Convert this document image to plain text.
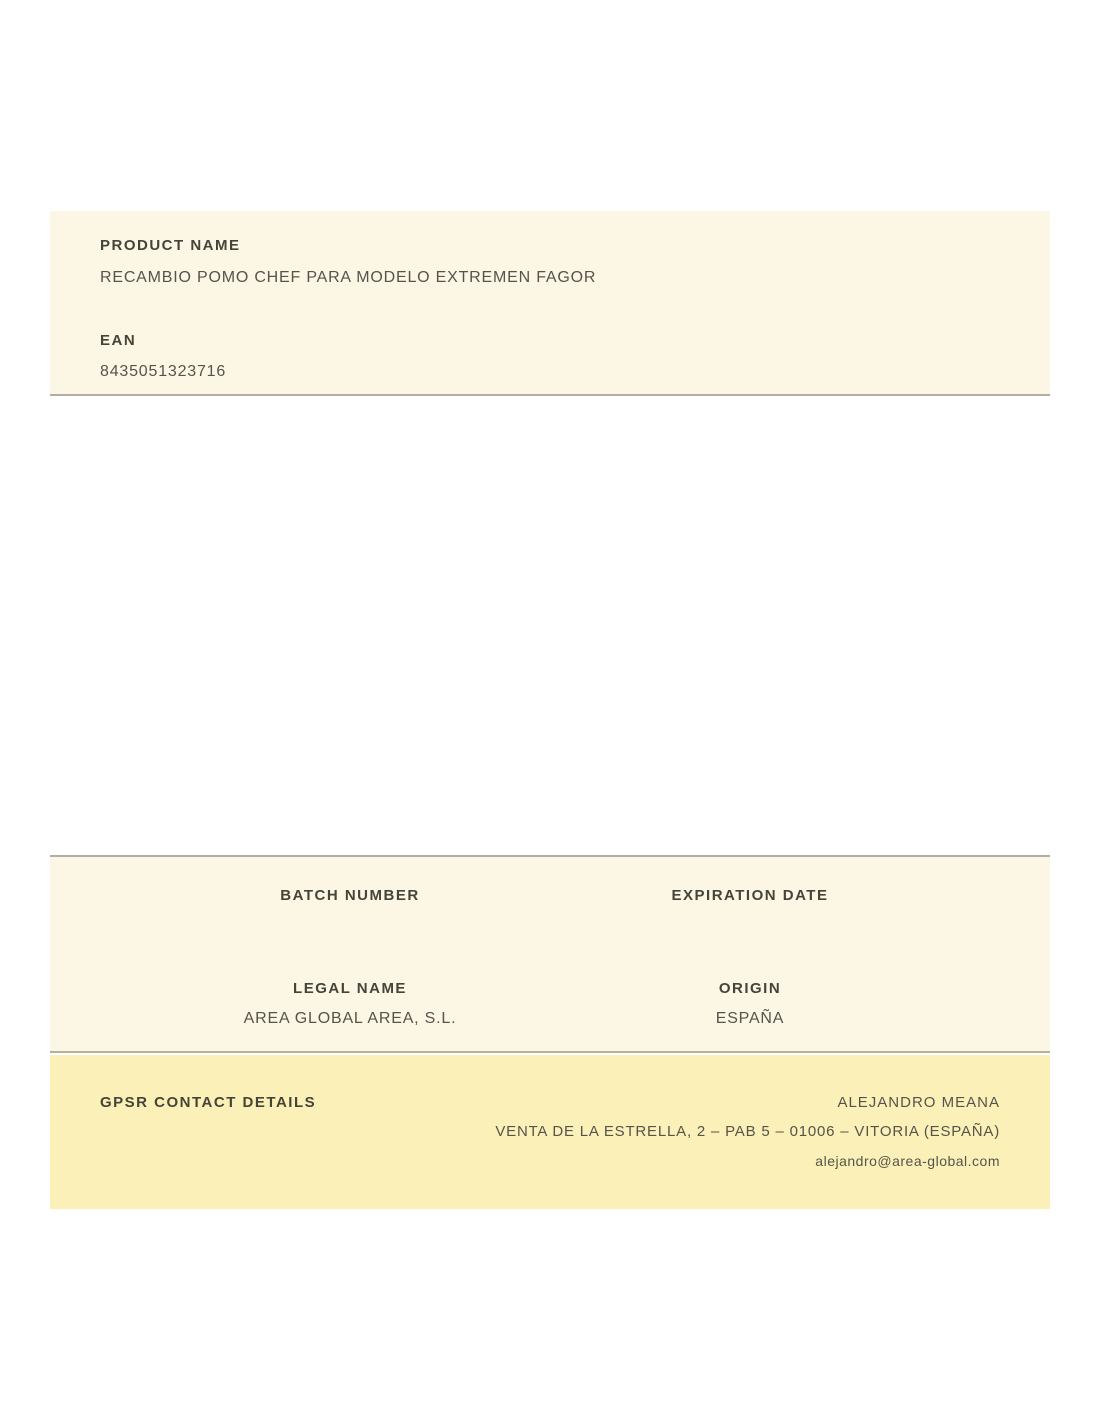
PRODUCT NAME
RECAMBIO POMO CHEF PARA MODELO EXTREMEN FAGOR
EAN
8435051323716
BATCH NUMBER	EXPIRATION DATE
LEGAL NAME
AREA GLOBAL AREA, S.L.
ORIGIN
ESPAÑA
GPSR CONTACT DETAILS	ALEJANDRO MEANA
VENTA DE LA ESTRELLA, 2 – PAB 5 – 01006 – VITORIA (ESPAÑA)
alejandro@area-global.com
